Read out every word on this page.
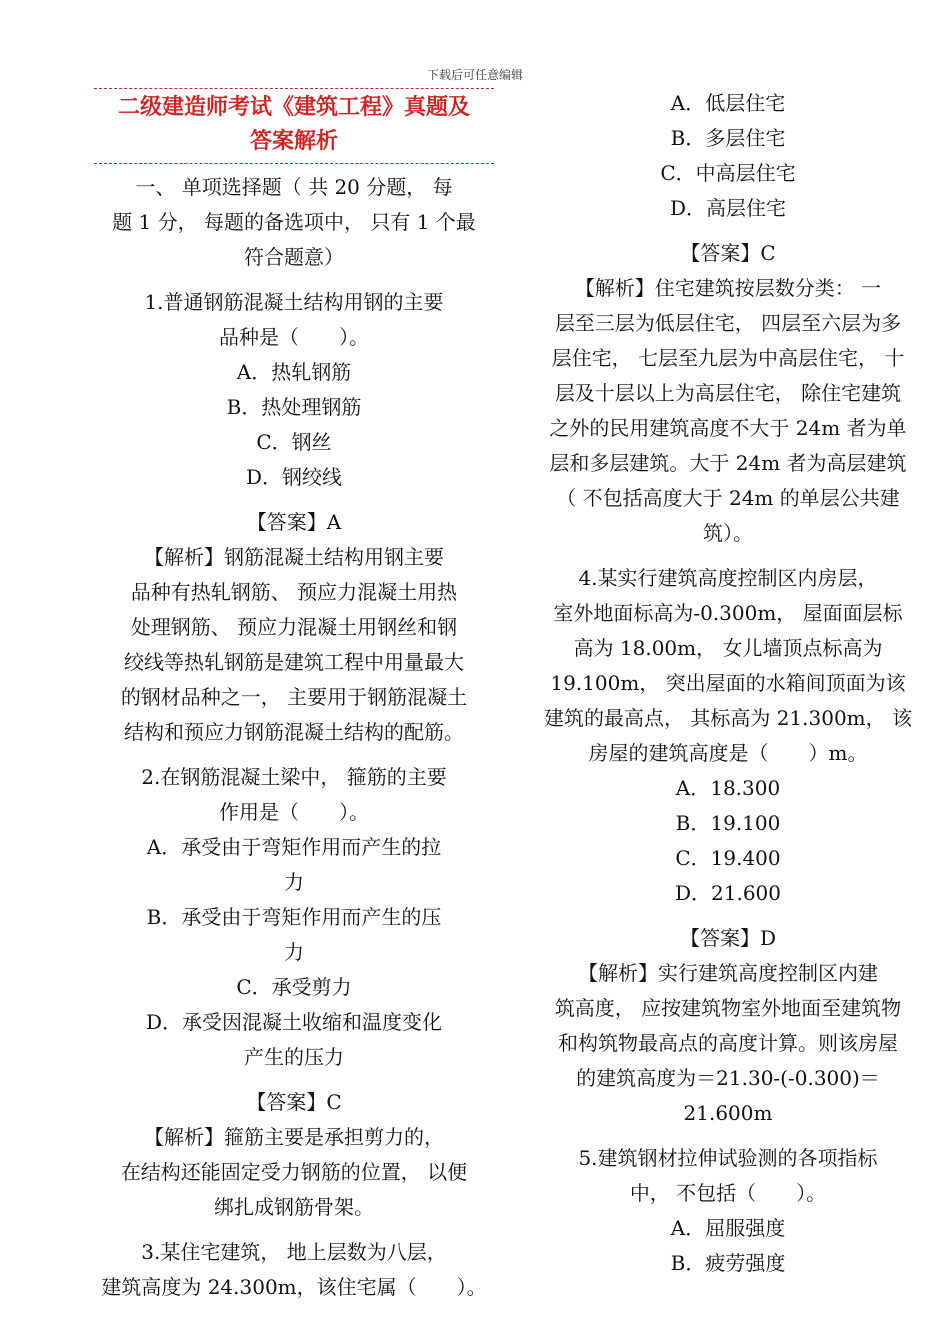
下载后可任意编辑
二级建造师考试《建筑工程》真题及
答案解析

一、 单项选择题（ 共 20 分题， 每

题 1 分， 每题的备选项中， 只有 1 个最

符合题意）

1.普通钢筋混凝土结构用钢的主要

品种是（　　）。

A．热轧钢筋

B．热处理钢筋

C．钢丝

D．钢绞线

【答案】A

【解析】钢筋混凝土结构用钢主要

品种有热轧钢筋、 预应力混凝土用热

处理钢筋、 预应力混凝土用钢丝和钢

绞线等热轧钢筋是建筑工程中用量最大

的钢材品种之一， 主要用于钢筋混凝土

结构和预应力钢筋混凝土结构的配筋。

2.在钢筋混凝土梁中， 箍筋的主要

作用是（　　）。

A．承受由于弯矩作用而产生的拉

力

B．承受由于弯矩作用而产生的压

力

C．承受剪力

D．承受因混凝土收缩和温度变化

产生的压力

【答案】C

【解析】箍筋主要是承担剪力的，

在结构还能固定受力钢筋的位置， 以便

绑扎成钢筋骨架。

3.某住宅建筑， 地上层数为八层，

建筑高度为 24.300m，该住宅属（　　）。

A．低层住宅

B．多层住宅

C．中高层住宅

D．高层住宅

【答案】C

【解析】住宅建筑按层数分类： 一

层至三层为低层住宅， 四层至六层为多

层住宅， 七层至九层为中高层住宅， 十

层及十层以上为高层住宅， 除住宅建筑

之外的民用建筑高度不大于 24m 者为单

层和多层建筑。大于 24m 者为高层建筑

（ 不包括高度大于 24m 的单层公共建

筑）。

4.某实行建筑高度控制区内房层，

室外地面标高为-0.300m， 屋面面层标

高为 18.00m， 女儿墙顶点标高为

19.100m， 突出屋面的水箱间顶面为该

建筑的最高点， 其标高为 21.300m， 该

房屋的建筑高度是（　　）m。

A．18.300

B．19.100

C．19.400

D．21.600

【答案】D

【解析】实行建筑高度控制区内建

筑高度， 应按建筑物室外地面至建筑物

和构筑物最高点的高度计算。则该房屋

的建筑高度为＝21.30-(-0.300)＝

21.600m

5.建筑钢材拉伸试验测的各项指标

中， 不包括（　　）。

A．屈服强度

B．疲劳强度
